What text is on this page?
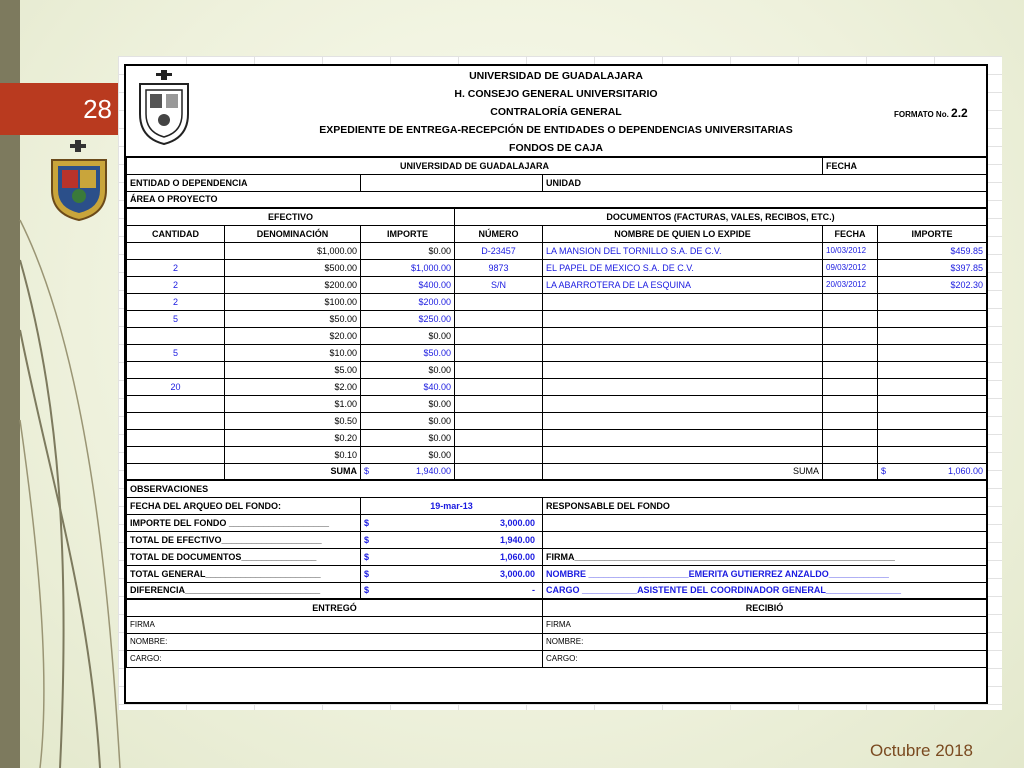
28
UNIVERSIDAD DE GUADALAJARA
H. CONSEJO GENERAL UNIVERSITARIO
CONTRALORÍA GENERAL
EXPEDIENTE DE ENTREGA-RECEPCIÓN DE ENTIDADES O DEPENDENCIAS UNIVERSITARIAS
FONDOS DE CAJA
FORMATO No. 2.2
UNIVERSIDAD DE GUADALAJARA					FECHA	
ENTIDAD O DEPENDENCIA				UNIDAD		
ÁREA O PROYECTO						
EFECTIVO			DOCUMENTOS (FACTURAS, VALES, RECIBOS, ETC.)			
CANTIDAD	DENOMINACIÓN	IMPORTE	NÚMERO	NOMBRE DE QUIEN LO EXPIDE	FECHA	IMPORTE
	$1,000.00	$0.00	D-23457	LA MANSION DEL TORNILLO S.A. DE C.V.	10/03/2012	$459.85
2	$500.00	$1,000.00	9873	EL PAPEL DE MEXICO S.A. DE C.V.	09/03/2012	$397.85
2	$200.00	$400.00	S/N	LA ABARROTERA DE LA ESQUINA	20/03/2012	$202.30
2	$100.00	$200.00				
5	$50.00	$250.00				
	$20.00	$0.00				
5	$10.00	$50.00				
	$5.00	$0.00				
20	$2.00	$40.00				
	$1.00	$0.00				
	$0.50	$0.00				
	$0.20	$0.00				
	$0.10	$0.00				
	SUMA	$ 1,940.00		SUMA		$ 1,060.00

OBSERVACIONES						
FECHA DEL ARQUEO DEL FONDO:		19-mar-13		RESPONSABLE DEL FONDO		
IMPORTE DEL FONDO ____________________		$ 3,000.00				

TOTAL DE EFECTIVO____________________		$ 1,940.00				

TOTAL DE DOCUMENTOS_______________		$ 1,060.00		FIRMA________________________________________________________________		
TOTAL GENERAL_______________________		$ 3,000.00		NOMBRE ____________________EMERITA GUTIERREZ ANZALDO____________		
DIFERENCIA___________________________		$ -		CARGO ___________ASISTENTE DEL COORDINADOR GENERAL_______________		
ENTREGÓ				RECIBIÓ		
FIRMA				FIRMA		
NOMBRE:				NOMBRE:		
CARGO:				CARGO:		
Octubre 2018
